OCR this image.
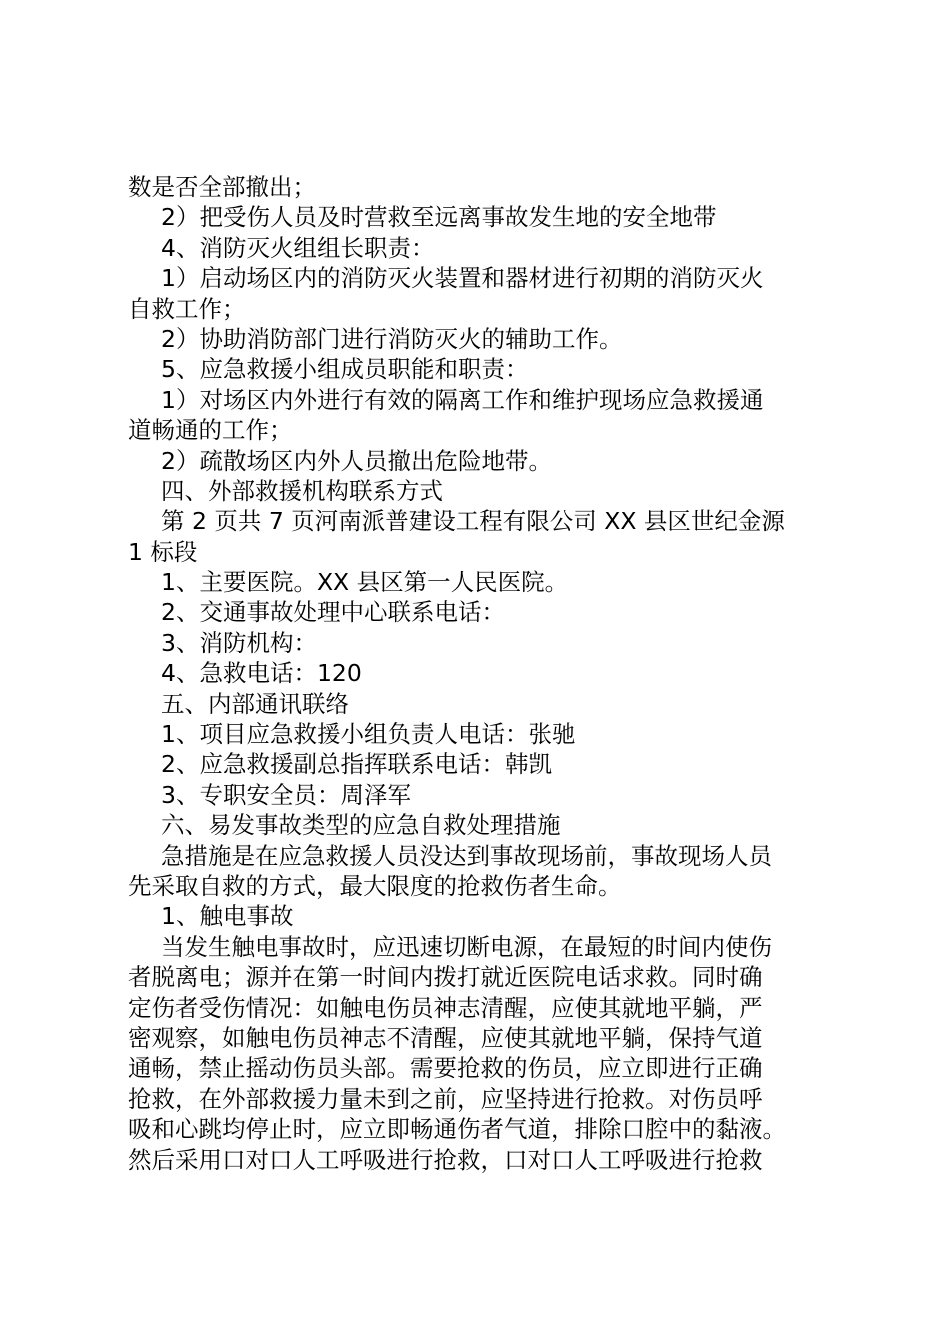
数是否全部撤出；
2）把受伤人员及时营救至远离事故发生地的安全地带
4、消防灭火组组长职责：
1）启动场区内的消防灭火装置和器材进行初期的消防灭火
自救工作；
2）协助消防部门进行消防灭火的辅助工作。
5、应急救援小组成员职能和职责：
1）对场区内外进行有效的隔离工作和维护现场应急救援通
道畅通的工作；
2）疏散场区内外人员撤出危险地带。
四、外部救援机构联系方式
第 2 页共 7 页河南派普建设工程有限公司 XX 县区世纪金源
1 标段
1、主要医院。XX 县区第一人民医院。
2、交通事故处理中心联系电话：
3、消防机构：
4、急救电话：120
五、内部通讯联络
1、项目应急救援小组负责人电话：张驰
2、应急救援副总指挥联系电话：韩凯
3、专职安全员：周泽军
六、易发事故类型的应急自救处理措施
急措施是在应急救援人员没达到事故现场前，事故现场人员
先采取自救的方式，最大限度的抢救伤者生命。
1、触电事故
当发生触电事故时，应迅速切断电源，在最短的时间内使伤
者脱离电；源并在第一时间内拨打就近医院电话求救。同时确
定伤者受伤情况：如触电伤员神志清醒，应使其就地平躺，严
密观察，如触电伤员神志不清醒，应使其就地平躺，保持气道
通畅，禁止摇动伤员头部。需要抢救的伤员，应立即进行正确
抢救，在外部救援力量未到之前，应坚持进行抢救。对伤员呼
吸和心跳均停止时，应立即畅通伤者气道，排除口腔中的黏液。
然后采用口对口人工呼吸进行抢救，口对口人工呼吸进行抢救
